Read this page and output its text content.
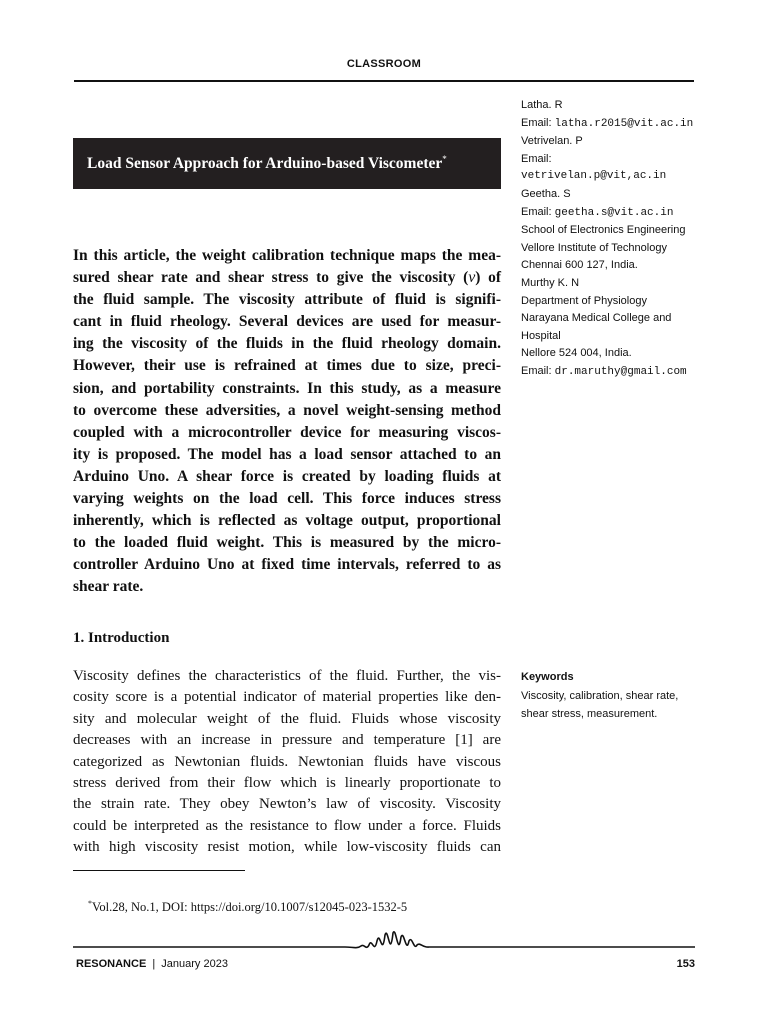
CLASSROOM
Load Sensor Approach for Arduino-based Viscometer*
In this article, the weight calibration technique maps the mea-
sured shear rate and shear stress to give the viscosity (v) of
the fluid sample. The viscosity attribute of fluid is signifi-
cant in fluid rheology. Several devices are used for measur-
ing the viscosity of the fluids in the fluid rheology domain.
However, their use is refrained at times due to size, preci-
sion, and portability constraints. In this study, as a measure
to overcome these adversities, a novel weight-sensing method
coupled with a microcontroller device for measuring viscos-
ity is proposed. The model has a load sensor attached to an
Arduino Uno. A shear force is created by loading fluids at
varying weights on the load cell. This force induces stress
inherently, which is reflected as voltage output, proportional
to the loaded fluid weight. This is measured by the micro-
controller Arduino Uno at fixed time intervals, referred to as
shear rate.
Latha. R
Email: latha.r2015@vit.ac.in
Vetrivelan. P
Email:
vetrivelan.p@vit,ac.in
Geetha. S
Email: geetha.s@vit.ac.in
School of Electronics Engineering
Vellore Institute of Technology
Chennai 600 127, India.
Murthy K. N
Department of Physiology
Narayana Medical College and
Hospital
Nellore 524 004, India.
Email: dr.maruthy@gmail.com
1. Introduction
Viscosity defines the characteristics of the fluid. Further, the vis-
cosity score is a potential indicator of material properties like den-
sity and molecular weight of the fluid. Fluids whose viscosity
decreases with an increase in pressure and temperature [1] are
categorized as Newtonian fluids. Newtonian fluids have viscous
stress derived from their flow which is linearly proportionate to
the strain rate. They obey Newton’s law of viscosity. Viscosity
could be interpreted as the resistance to flow under a force. Fluids
with high viscosity resist motion, while low-viscosity fluids can
Keywords
Viscosity, calibration, shear rate,
shear stress, measurement.
*Vol.28, No.1, DOI: https://doi.org/10.1007/s12045-023-1532-5
RESONANCE | January 2023	153
